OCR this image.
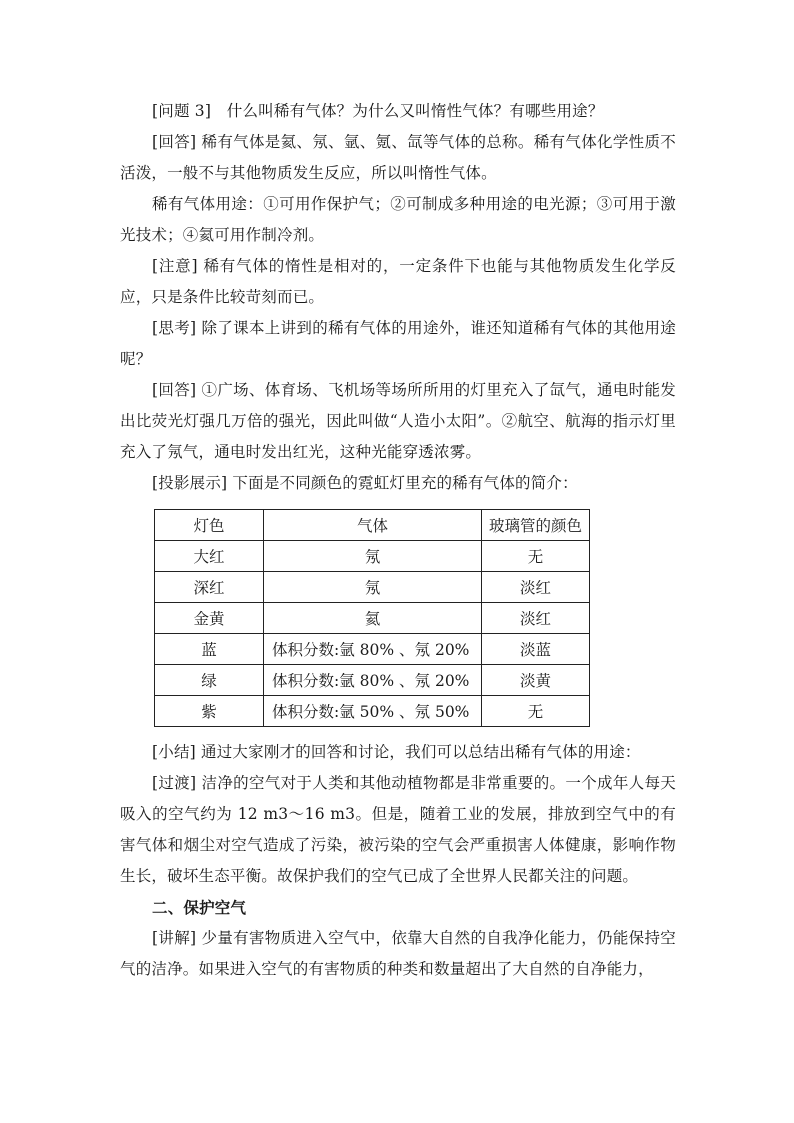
[问题 3]　什么叫稀有气体？为什么又叫惰性气体？有哪些用途？

[回答] 稀有气体是氦、氖、氩、氪、氙等气体的总称。稀有气体化学性质不活泼，一般不与其他物质发生反应，所以叫惰性气体。

稀有气体用途：①可用作保护气；②可制成多种用途的电光源；③可用于激光技术；④氦可用作制冷剂。

[注意] 稀有气体的惰性是相对的，一定条件下也能与其他物质发生化学反应，只是条件比较苛刻而已。

[思考] 除了课本上讲到的稀有气体的用途外，谁还知道稀有气体的其他用途呢？

[回答] ①广场、体育场、飞机场等场所所用的灯里充入了氙气，通电时能发出比荧光灯强几万倍的强光，因此叫做“人造小太阳”。②航空、航海的指示灯里充入了氖气，通电时发出红光，这种光能穿透浓雾。

[投影展示] 下面是不同颜色的霓虹灯里充的稀有气体的简介：

灯色	气体	玻璃管的颜色
大红	氖	无
深红	氖	淡红
金黄	氦	淡红
蓝	体积分数:氩 80% 、氖 20%	淡蓝
绿	体积分数:氩 80% 、氖 20%	淡黄
紫	体积分数:氩 50% 、氖 50%	无

[小结] 通过大家刚才的回答和讨论，我们可以总结出稀有气体的用途：

[过渡] 洁净的空气对于人类和其他动植物都是非常重要的。一个成年人每天吸入的空气约为 12 m3～16 m3。但是，随着工业的发展，排放到空气中的有害气体和烟尘对空气造成了污染，被污染的空气会严重损害人体健康，影响作物生长，破坏生态平衡。故保护我们的空气已成了全世界人民都关注的问题。

二、保护空气

[讲解] 少量有害物质进入空气中，依靠大自然的自我净化能力，仍能保持空气的洁净。如果进入空气的有害物质的种类和数量超出了大自然的自净能力，
